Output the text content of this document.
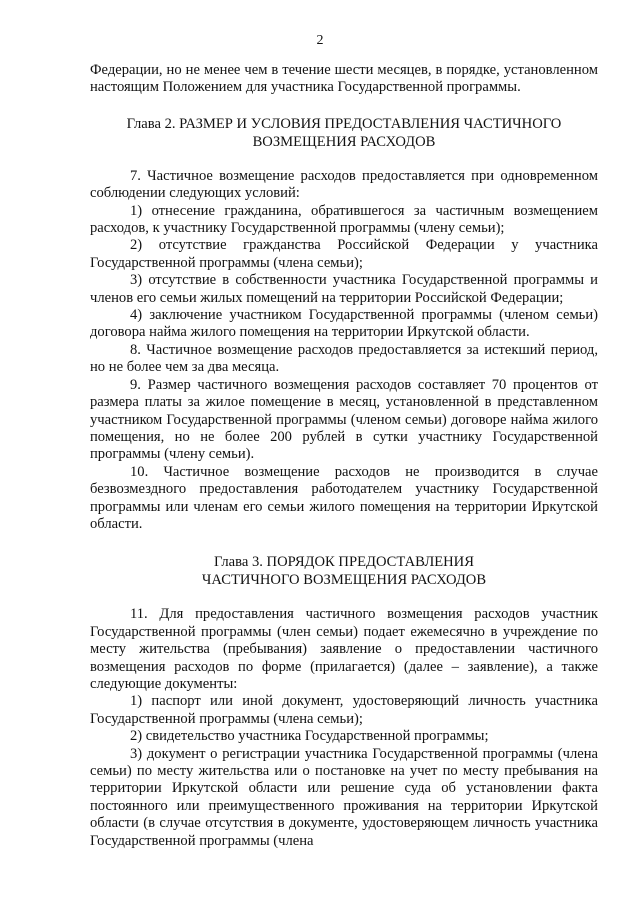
2

Федерации, но не менее чем в течение шести месяцев, в порядке, установленном настоящим Положением для участника Государственной программы.

Глава 2. РАЗМЕР И УСЛОВИЯ ПРЕДОСТАВЛЕНИЯ ЧАСТИЧНОГО
ВОЗМЕЩЕНИЯ РАСХОДОВ

7. Частичное возмещение расходов предоставляется при одновременном соблюдении следующих условий:

1) отнесение гражданина, обратившегося за частичным возмещением расходов, к участнику Государственной программы (члену семьи);

2) отсутствие гражданства Российской Федерации у участника Государственной программы (члена семьи);

3) отсутствие в собственности участника Государственной программы и членов его семьи жилых помещений на территории Российской Федерации;

4) заключение участником Государственной программы (членом семьи) договора найма жилого помещения на территории Иркутской области.

8. Частичное возмещение расходов предоставляется за истекший период, но не более чем за два месяца.

9. Размер частичного возмещения расходов составляет 70 процентов от размера платы за жилое помещение в месяц, установленной в представленном участником Государственной программы (членом семьи) договоре найма жилого помещения, но не более 200 рублей в сутки участнику Государственной программы (члену семьи).

10. Частичное возмещение расходов не производится в случае безвозмездного предоставления работодателем участнику Государственной программы или членам его семьи жилого помещения на территории Иркутской области.

Глава 3. ПОРЯДОК ПРЕДОСТАВЛЕНИЯ
ЧАСТИЧНОГО ВОЗМЕЩЕНИЯ РАСХОДОВ

11. Для предоставления частичного возмещения расходов участник Государственной программы (член семьи) подает ежемесячно в учреждение по месту жительства (пребывания) заявление о предоставлении частичного возмещения расходов по форме (прилагается) (далее – заявление), а также следующие документы:

1) паспорт или иной документ, удостоверяющий личность участника Государственной программы (члена семьи);

2) свидетельство участника Государственной программы;

3) документ о регистрации участника Государственной программы (члена семьи) по месту жительства или о постановке на учет по месту пребывания на территории Иркутской области или решение суда об установлении факта постоянного или преимущественного проживания на территории Иркутской области (в случае отсутствия в документе, удостоверяющем личность участника Государственной программы (члена
